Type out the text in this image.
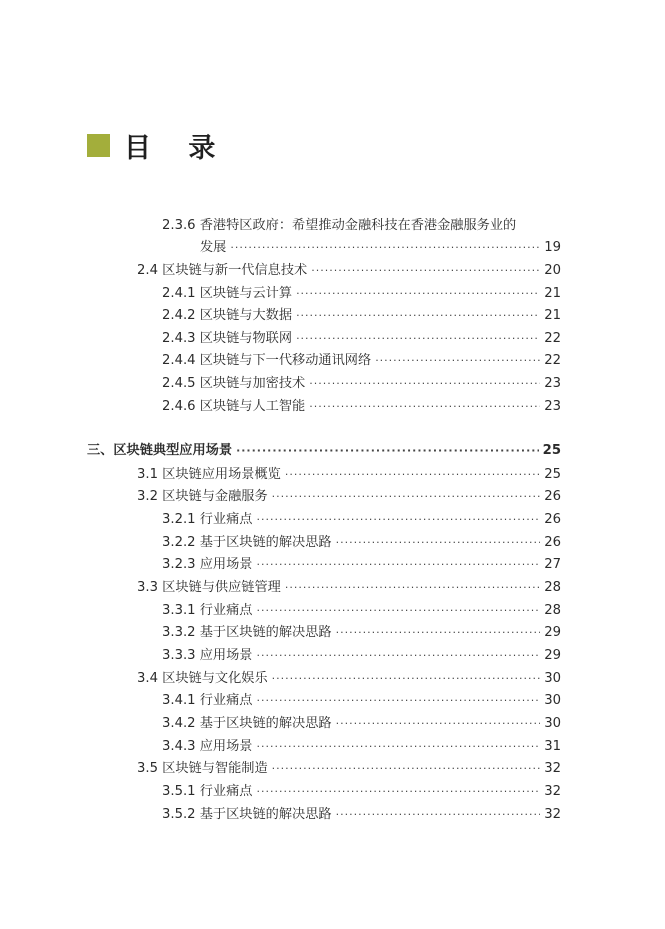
目 录
2.3.6 香港特区政府：希望推动金融科技在香港金融服务业的
发展 ·····	19
2.4 区块链与新一代信息技术 ·····	20
2.4.1 区块链与云计算 ·····	21
2.4.2 区块链与大数据 ·····	21
2.4.3 区块链与物联网 ·····	22
2.4.4 区块链与下一代移动通讯网络 ·····	22
2.4.5 区块链与加密技术 ·····	23
2.4.6 区块链与人工智能 ·····	23
三、区块链典型应用场景 ·····	25
3.1 区块链应用场景概览 ·····	25
3.2 区块链与金融服务 ·····	26
3.2.1 行业痛点 ·····	26
3.2.2 基于区块链的解决思路 ·····	26
3.2.3 应用场景 ·····	27
3.3 区块链与供应链管理 ·····	28
3.3.1 行业痛点 ·····	28
3.3.2 基于区块链的解决思路 ·····	29
3.3.3 应用场景 ·····	29
3.4 区块链与文化娱乐 ·····	30
3.4.1 行业痛点 ·····	30
3.4.2 基于区块链的解决思路 ·····	30
3.4.3 应用场景 ·····	31
3.5 区块链与智能制造 ·····	32
3.5.1 行业痛点 ·····	32
3.5.2 基于区块链的解决思路 ·····	32
